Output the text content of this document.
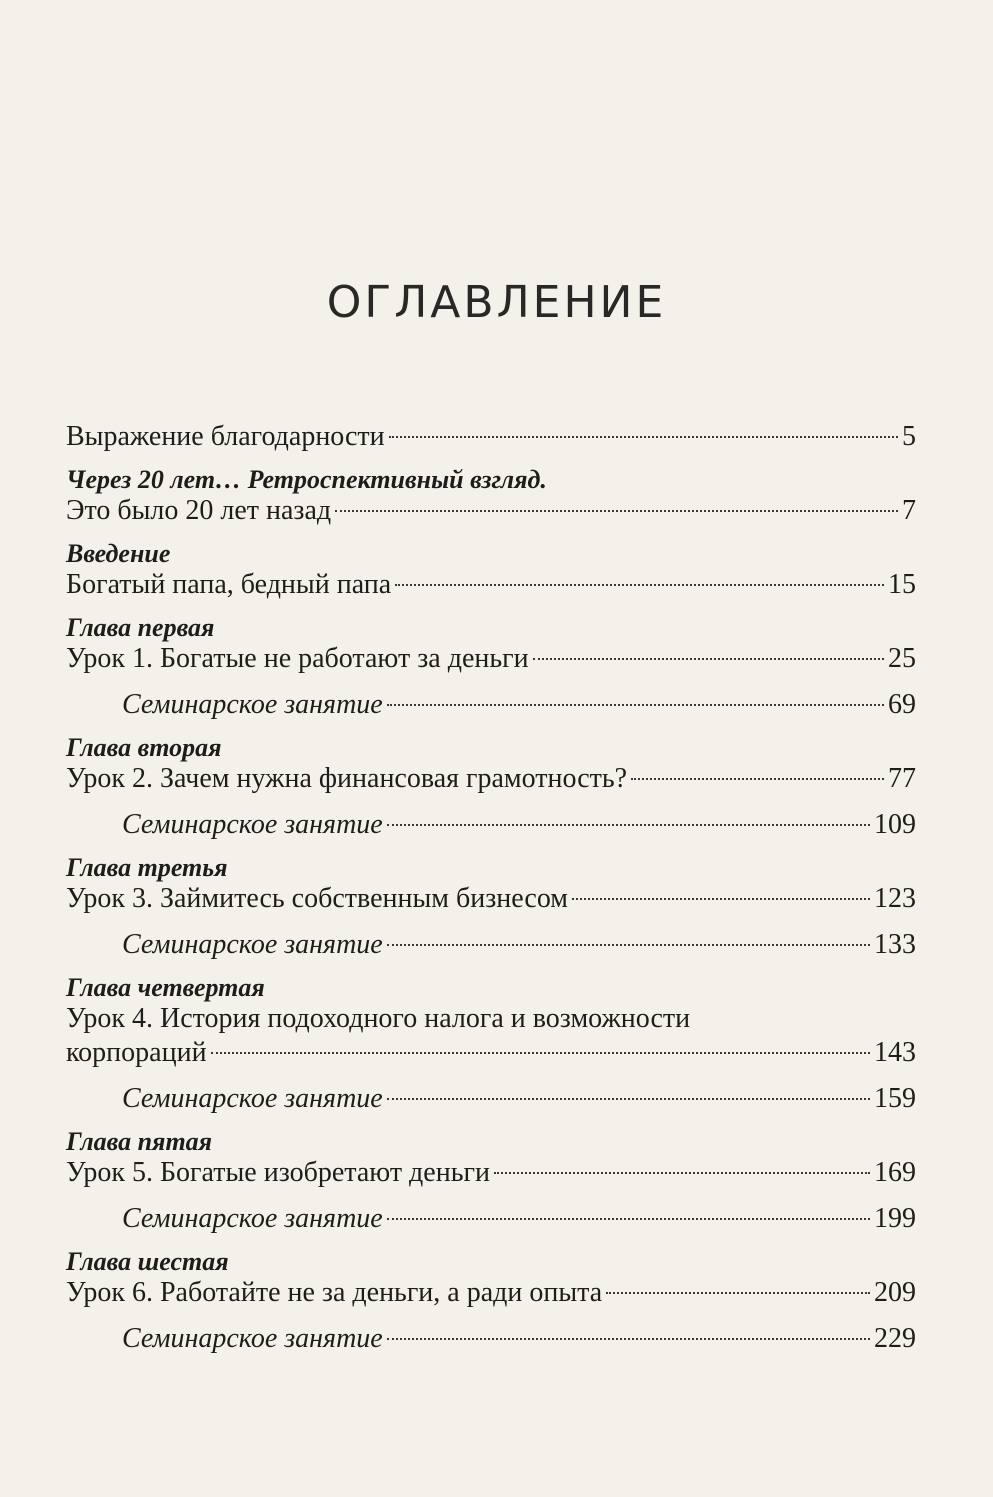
ОГЛАВЛЕНИЕ
Выражение благодарности	5
Через 20 лет… Ретроспективный взгляд.
Это было 20 лет назад	7
Введение
Богатый папа, бедный папа	15
Глава первая
Урок 1. Богатые не работают за деньги	25
Семинарское занятие	69
Глава вторая
Урок 2. Зачем нужна финансовая грамотность?	77
Семинарское занятие	109
Глава третья
Урок 3. Займитесь собственным бизнесом	123
Семинарское занятие	133
Глава четвертая
Урок 4. История подоходного налога и возможности
корпораций	143
Семинарское занятие	159
Глава пятая
Урок 5. Богатые изобретают деньги	169
Семинарское занятие	199
Глава шестая
Урок 6. Работайте не за деньги, а ради опыта	209
Семинарское занятие	229
